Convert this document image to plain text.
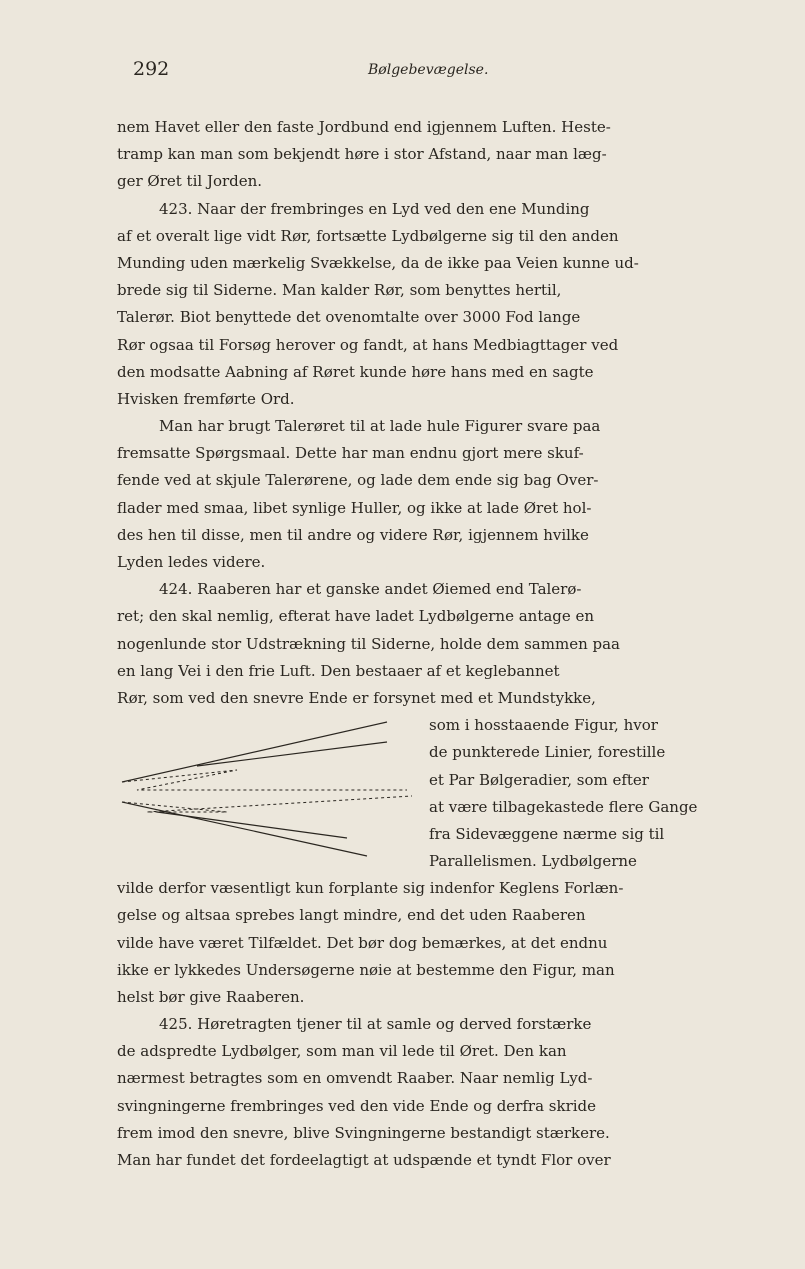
292	Bølgebevægelse.
nem Havet eller den faste Jordbund end igjennem Luften. Heste-
tramp kan man som bekjendt høre i stor Afstand, naar man læg-
ger Øret til Jorden.
423. Naar der frembringes en Lyd ved den ene Munding
af et overalt lige vidt Rør, fortsætte Lydbølgerne sig til den anden
Munding uden mærkelig Svækkelse, da de ikke paa Veien kunne ud-
brede sig til Siderne. Man kalder Rør, som benyttes hertil,
Talerør. Biot benyttede det ovenomtalte over 3000 Fod lange
Rør ogsaa til Forsøg herover og fandt, at hans Medbiagttager ved
den modsatte Aabning af Røret kunde høre hans med en sagte
Hvisken fremførte Ord.
Man har brugt Talerøret til at lade hule Figurer svare paa
fremsatte Spørgsmaal. Dette har man endnu gjort mere skuf-
fende ved at skjule Talerørene, og lade dem ende sig bag Over-
flader med smaa, libet synlige Huller, og ikke at lade Øret hol-
des hen til disse, men til andre og videre Rør, igjennem hvilke
Lyden ledes videre.
424. Raaberen har et ganske andet Øiemed end Talerø-
ret; den skal nemlig, efterat have ladet Lydbølgerne antage en
nogenlunde stor Udstrækning til Siderne, holde dem sammen paa
en lang Vei i den frie Luft. Den bestaaer af et keglebannet
Rør, som ved den snevre Ende er forsynet med et Mundstykke,
som i hosstaaende Figur, hvor
de punkterede Linier, forestille
et Par Bølgeradier, som efter
at være tilbagekastede flere Gange
fra Sidevæggene nærme sig til
Parallelismen. Lydbølgerne
vilde derfor væsentligt kun forplante sig indenfor Keglens Forlæn-
gelse og altsaa sprebes langt mindre, end det uden Raaberen
vilde have været Tilfældet. Det bør dog bemærkes, at det endnu
ikke er lykkedes Undersøgerne nøie at bestemme den Figur, man
helst bør give Raaberen.
425. Høretragten tjener til at samle og derved forstærke
de adspredte Lydbølger, som man vil lede til Øret. Den kan
nærmest betragtes som en omvendt Raaber. Naar nemlig Lyd-
svingningerne frembringes ved den vide Ende og derfra skride
frem imod den snevre, blive Svingningerne bestandigt stærkere.
Man har fundet det fordeelagtigt at udspænde et tyndt Flor over
